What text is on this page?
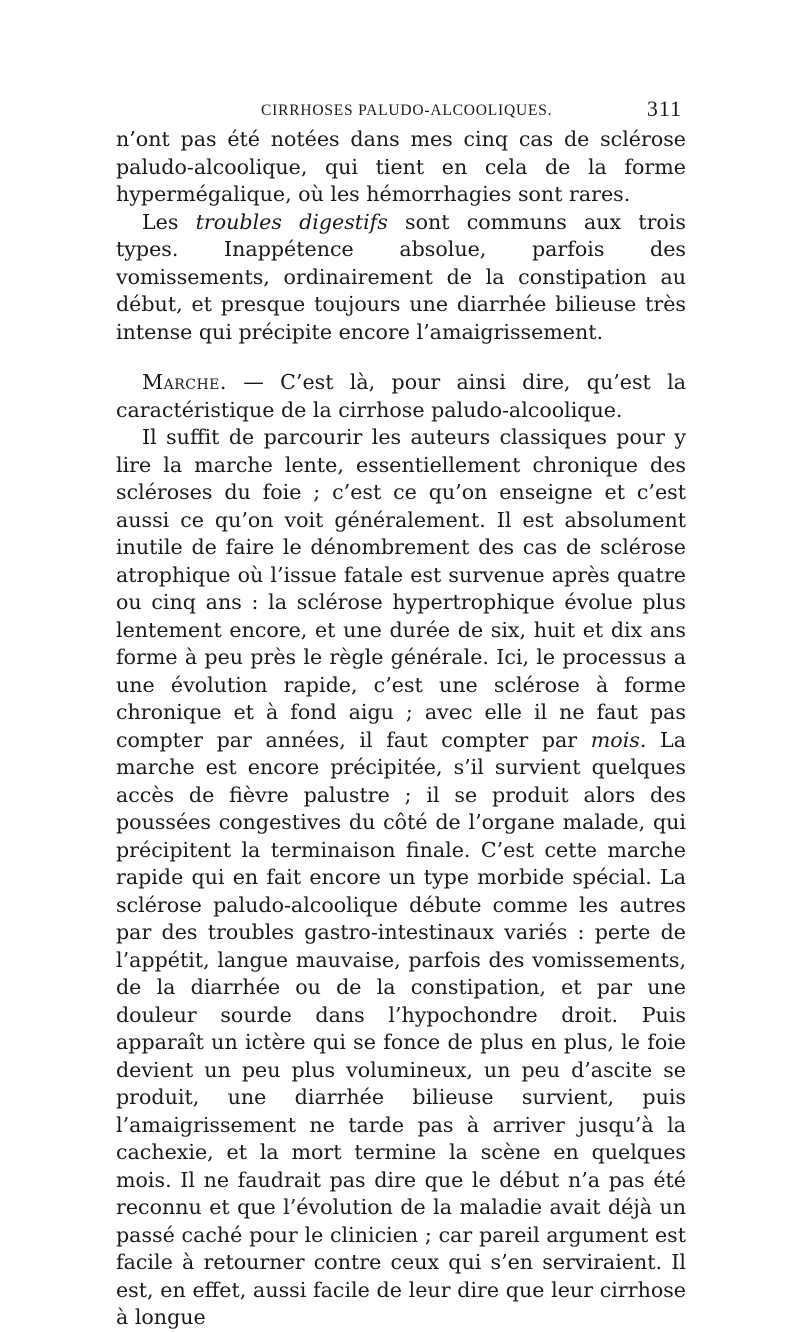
CIRRHOSES PALUDO-ALCOOLIQUES.	311

n’ont pas été notées dans mes cinq cas de sclérose paludo-alcoolique, qui tient en cela de la forme hypermégalique, où les hémorrhagies sont rares.

Les troubles digestifs sont communs aux trois types. Inappétence absolue, parfois des vomissements, ordinairement de la constipation au début, et presque toujours une diarrhée bilieuse très intense qui précipite encore l’amaigrissement.

Marche. — C’est là, pour ainsi dire, qu’est la caractéristique de la cirrhose paludo-alcoolique.

Il suffit de parcourir les auteurs classiques pour y lire la marche lente, essentiellement chronique des scléroses du foie ; c’est ce qu’on enseigne et c’est aussi ce qu’on voit généralement. Il est absolument inutile de faire le dénombrement des cas de sclérose atrophique où l’issue fatale est survenue après quatre ou cinq ans : la sclérose hypertrophique évolue plus lentement encore, et une durée de six, huit et dix ans forme à peu près le règle générale. Ici, le processus a une évolution rapide, c’est une sclérose à forme chronique et à fond aigu ; avec elle il ne faut pas compter par années, il faut compter par mois. La marche est encore précipitée, s’il survient quelques accès de fièvre palustre ; il se produit alors des poussées congestives du côté de l’organe malade, qui précipitent la terminaison finale. C’est cette marche rapide qui en fait encore un type morbide spécial. La sclérose paludo-alcoolique débute comme les autres par des troubles gastro-intestinaux variés : perte de l’appétit, langue mauvaise, parfois des vomissements, de la diarrhée ou de la constipation, et par une douleur sourde dans l’hypochondre droit. Puis apparaît un ictère qui se fonce de plus en plus, le foie devient un peu plus volumineux, un peu d’ascite se produit, une diarrhée bilieuse survient, puis l’amaigrissement ne tarde pas à arriver jusqu’à la cachexie, et la mort termine la scène en quelques mois. Il ne faudrait pas dire que le début n’a pas été reconnu et que l’évolution de la maladie avait déjà un passé caché pour le clinicien ; car pareil argument est facile à retourner contre ceux qui s’en serviraient. Il est, en effet, aussi facile de leur dire que leur cirrhose à longue
